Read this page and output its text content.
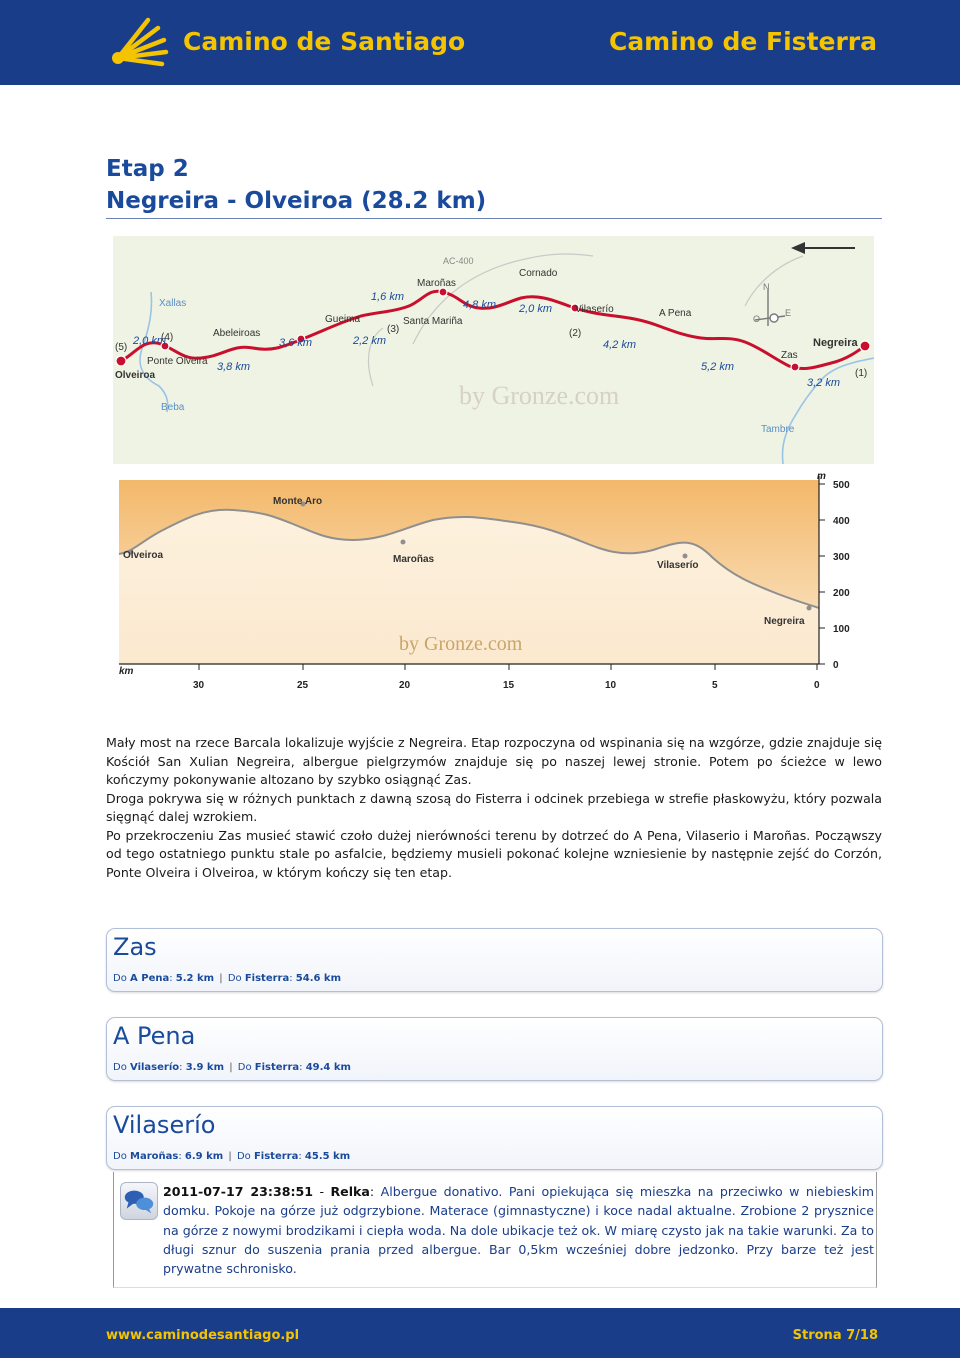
Camino de Santiago	Camino de Fisterra
Etap 2
Negreira - Olveiroa (28.2 km)
N
O
E
Xallas
Olveiroa
Ponte Olveira
Abeleiroas
Gueima
Maroñas
Santa Mariña
Cornado
Vilaserío	A Pena
Zas
Negreira
Tambre
Beba
AC-400
2,0 km
3,8 km
3,6 km	2,2 km
1,6 km
4,8 km 2,0 km
4,2 km
5,2 km
3,2 km
(5)
(4)
(3)	(2)
(1)
by Gronze.com
Monte Aro
Olveiroa	Maroñas
Vilaserío
Negreira
m
500
400
300
200
100
0
km
30	25	20	15	10	5	0
by Gronze.com

Mały most na rzece Barcala lokalizuje wyjście z Negreira. Etap rozpoczyna od wspinania się na wzgórze, gdzie znajduje się Kościół San Xulian Negreira, albergue pielgrzymów znajduje się po naszej lewej stronie. Potem po ścieżce w lewo kończymy pokonywanie altozano by szybko osiągnąć Zas.

Droga pokrywa się w różnych punktach z dawną szosą do Fisterra i odcinek przebiega w strefie płaskowyżu, który pozwala sięgnąć dalej wzrokiem.

Po przekroczeniu Zas musieć stawić czoło dużej nierówności terenu by dotrzeć do A Pena, Vilaserio i Maroñas. Począwszy od tego ostatniego punktu stale po asfalcie, będziemy musieli pokonać kolejne wzniesienie by następnie zejść do Corzón, Ponte Olveira i Olveiroa, w którym kończy się ten etap.

Zas
Do A Pena: 5.2 km | Do Fisterra: 54.6 km
A Pena
Do Vilaserío: 3.9 km | Do Fisterra: 49.4 km
Vilaserío
Do Maroñas: 6.9 km | Do Fisterra: 45.5 km
2011-07-17 23:38:51 - Relka: Albergue donativo. Pani opiekująca się mieszka na przeciwko w niebieskim domku. Pokoje na górze już odgrzybione. Materace (gimnastyczne) i koce nadal aktualne. Zrobione 2 prysznice na górze z nowymi brodzikami i ciepła woda. Na dole ubikacje też ok. W miarę czysto jak na takie warunki. Za to długi sznur do suszenia prania przed albergue. Bar 0,5km wcześniej dobre jedzonko. Przy barze też jest prywatne schronisko.
www.caminodesantiago.pl	Strona 7/18
